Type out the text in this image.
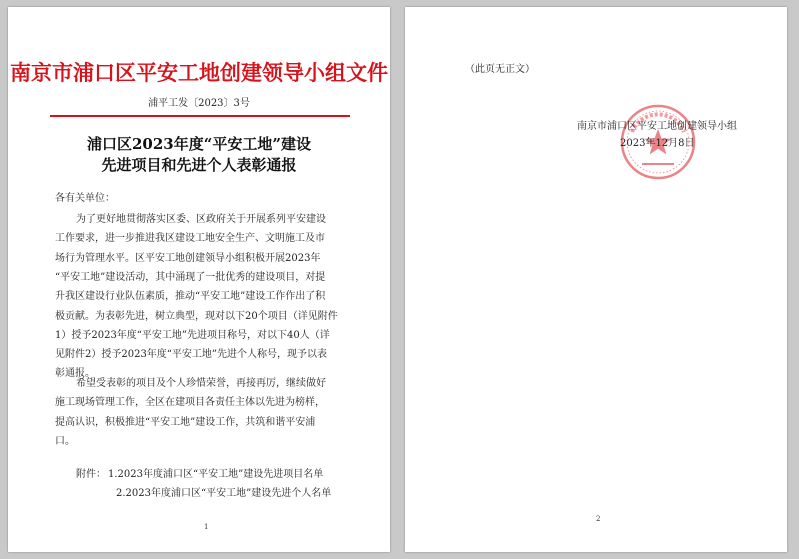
南京市浦口区平安工地创建领导小组文件
浦平工发〔2023〕3号
浦口区2023年度“平安工地”建设
先进项目和先进个人表彰通报
各有关单位：
为了更好地贯彻落实区委、区政府关于开展系列平安建设
工作要求，进一步推进我区建设工地安全生产、文明施工及市
场行为管理水平。区平安工地创建领导小组积极开展2023年
“平安工地”建设活动，其中涌现了一批优秀的建设项目，对提
升我区建设行业队伍素质，推动“平安工地”建设工作作出了积
极贡献。为表彰先进，树立典型，现对以下20个项目（详见附件
1）授予2023年度“平安工地”先进项目称号，对以下40人（详
见附件2）授予2023年度“平安工地”先进个人称号，现予以表
彰通报。
希望受表彰的项目及个人珍惜荣誉，再接再厉，继续做好
施工现场管理工作，全区在建项目各责任主体以先进为榜样，
提高认识，积极推进“平安工地”建设工作，共筑和谐平安浦
口。
附件： 1.2023年度浦口区“平安工地”建设先进项目名单
2.2023年度浦口区“平安工地”建设先进个人名单
1
（此页无正文）
南京市浦口区平安工地创建领导小组
2023年12月8日
2
